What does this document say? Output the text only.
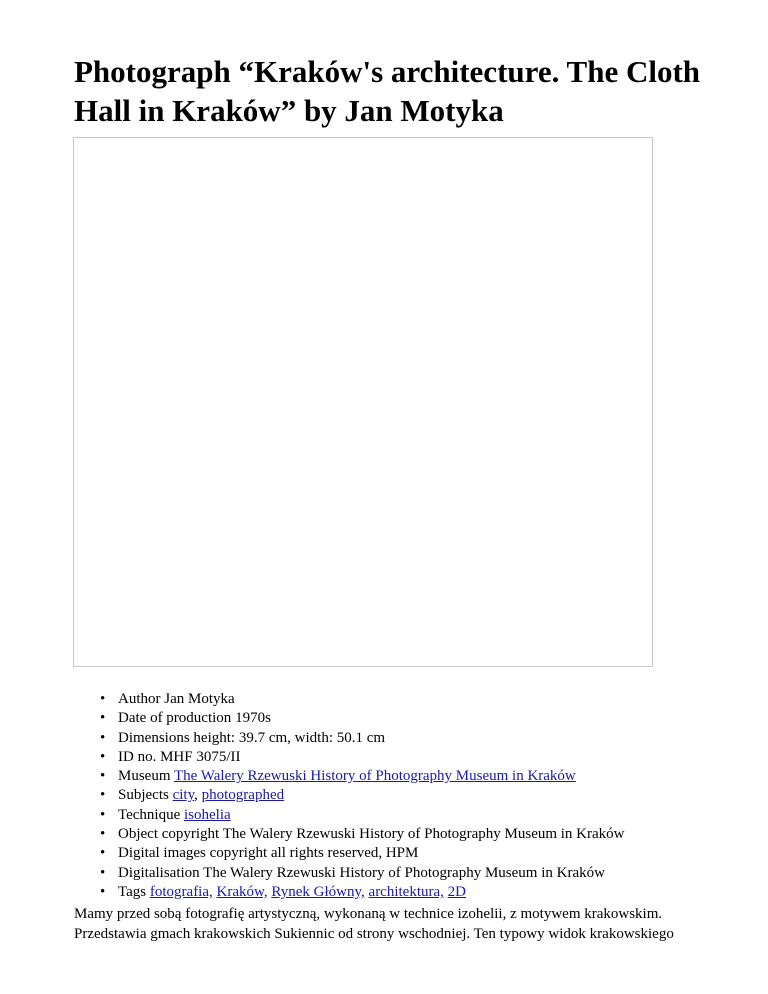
Photograph “Kraków's architecture. The Cloth Hall in Kraków” by Jan Motyka
• Author Jan Motyka
• Date of production 1970s
• Dimensions height: 39.7 cm, width: 50.1 cm
• ID no. MHF 3075/II
• Museum The Walery Rzewuski History of Photography Museum in Kraków
• Subjects city, photographed
• Technique isohelia
• Object copyright The Walery Rzewuski History of Photography Museum in Kraków
• Digital images copyright all rights reserved, HPM
• Digitalisation The Walery Rzewuski History of Photography Museum in Kraków
• Tags fotografia, Kraków, Rynek Główny, architektura, 2D

Mamy przed sobą fotografię artystyczną, wykonaną w technice izohelii, z motywem krakowskim. Przedstawia gmach krakowskich Sukiennic od strony wschodniej. Ten typowy widok krakowskiego
